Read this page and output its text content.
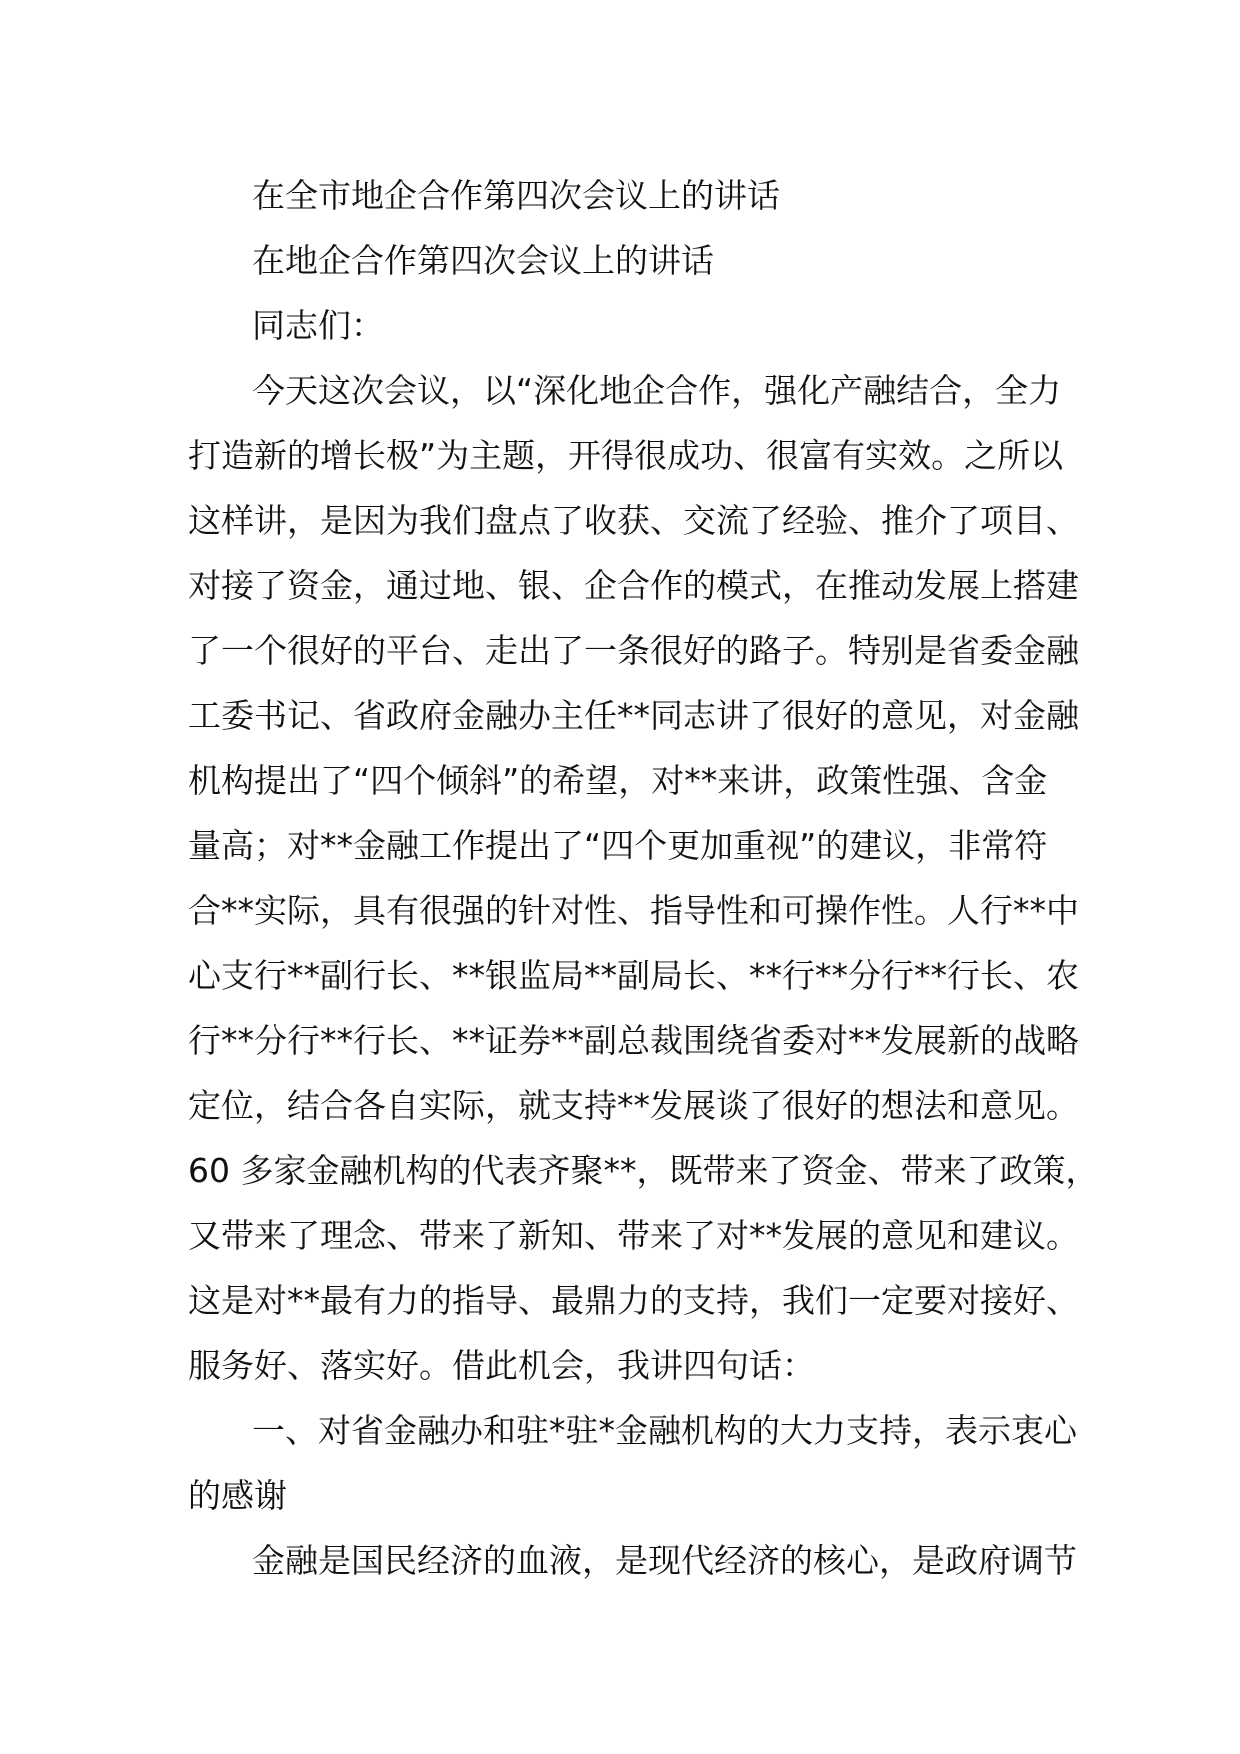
在全市地企合作第四次会议上的讲话
在地企合作第四次会议上的讲话
同志们：
今天这次会议，以“深化地企合作，强化产融结合，全力
打造新的增长极”为主题，开得很成功、很富有实效。之所以
这样讲，是因为我们盘点了收获、交流了经验、推介了项目、
对接了资金，通过地、银、企合作的模式，在推动发展上搭建
了一个很好的平台、走出了一条很好的路子。特别是省委金融
工委书记、省政府金融办主任**同志讲了很好的意见，对金融
机构提出了“四个倾斜”的希望，对**来讲，政策性强、含金
量高；对**金融工作提出了“四个更加重视”的建议，非常符
合**实际，具有很强的针对性、指导性和可操作性。人行**中
心支行**副行长、**银监局**副局长、**行**分行**行长、农
行**分行**行长、**证券**副总裁围绕省委对**发展新的战略
定位，结合各自实际，就支持**发展谈了很好的想法和意见。
60 多家金融机构的代表齐聚**，既带来了资金、带来了政策，
又带来了理念、带来了新知、带来了对**发展的意见和建议。
这是对**最有力的指导、最鼎力的支持，我们一定要对接好、
服务好、落实好。借此机会，我讲四句话：
一、对省金融办和驻*驻*金融机构的大力支持，表示衷心
的感谢
金融是国民经济的血液，是现代经济的核心，是政府调节
